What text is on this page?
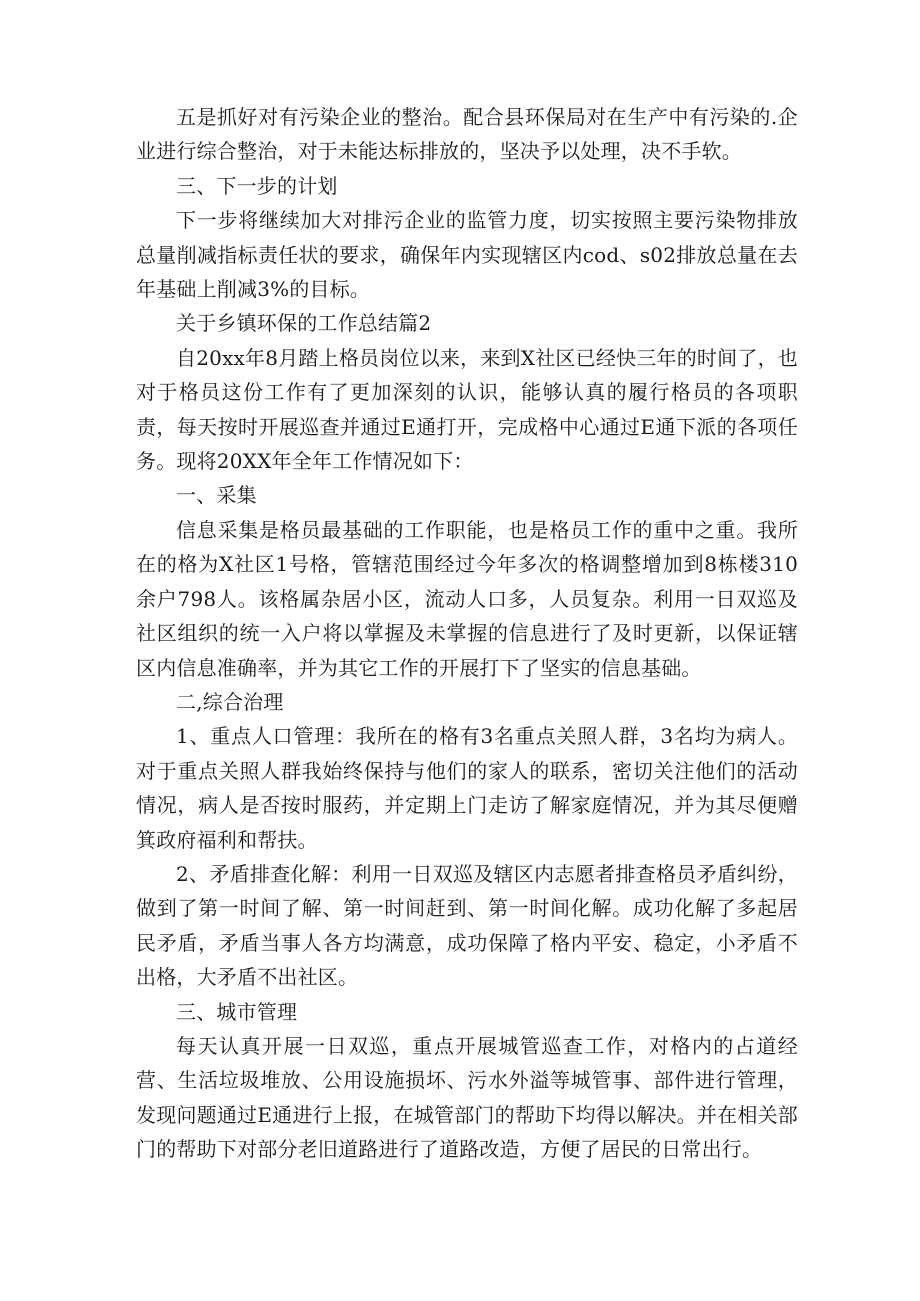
五是抓好对有污染企业的整治。配合县环保局对在生产中有污染的.企业进行综合整治，对于未能达标排放的，坚决予以处理，决不手软。

三、下一步的计划

下一步将继续加大对排污企业的监管力度，切实按照主要污染物排放总量削减指标责任状的要求，确保年内实现辖区内cod、s02排放总量在去年基础上削减3%的目标。

关于乡镇环保的工作总结篇2

自20xx年8月踏上格员岗位以来，来到X社区已经快三年的时间了，也对于格员这份工作有了更加深刻的认识，能够认真的履行格员的各项职责，每天按时开展巡查并通过E通打开，完成格中心通过E通下派的各项任务。现将20XX年全年工作情况如下：

一、采集

信息采集是格员最基础的工作职能，也是格员工作的重中之重。我所在的格为X社区1号格，管辖范围经过今年多次的格调整增加到8栋楼310余户798人。该格属杂居小区，流动人口多，人员复杂。利用一日双巡及社区组织的统一入户将以掌握及未掌握的信息进行了及时更新，以保证辖区内信息准确率，并为其它工作的开展打下了坚实的信息基础。

二,综合治理

1、重点人口管理：我所在的格有3名重点关照人群，3名均为病人。对于重点关照人群我始终保持与他们的家人的联系，密切关注他们的活动情况，病人是否按时服药，并定期上门走访了解家庭情况，并为其尽便赠箕政府福利和帮扶。

2、矛盾排查化解：利用一日双巡及辖区内志愿者排查格员矛盾纠纷，做到了第一时间了解、第一时间赶到、第一时间化解。成功化解了多起居民矛盾，矛盾当事人各方均满意，成功保障了格内平安、稳定，小矛盾不出格，大矛盾不出社区。

三、城市管理

每天认真开展一日双巡，重点开展城管巡查工作，对格内的占道经营、生活垃圾堆放、公用设施损坏、污水外溢等城管事、部件进行管理，发现问题通过E通进行上报，在城管部门的帮助下均得以解决。并在相关部门的帮助下对部分老旧道路进行了道路改造，方便了居民的日常出行。
